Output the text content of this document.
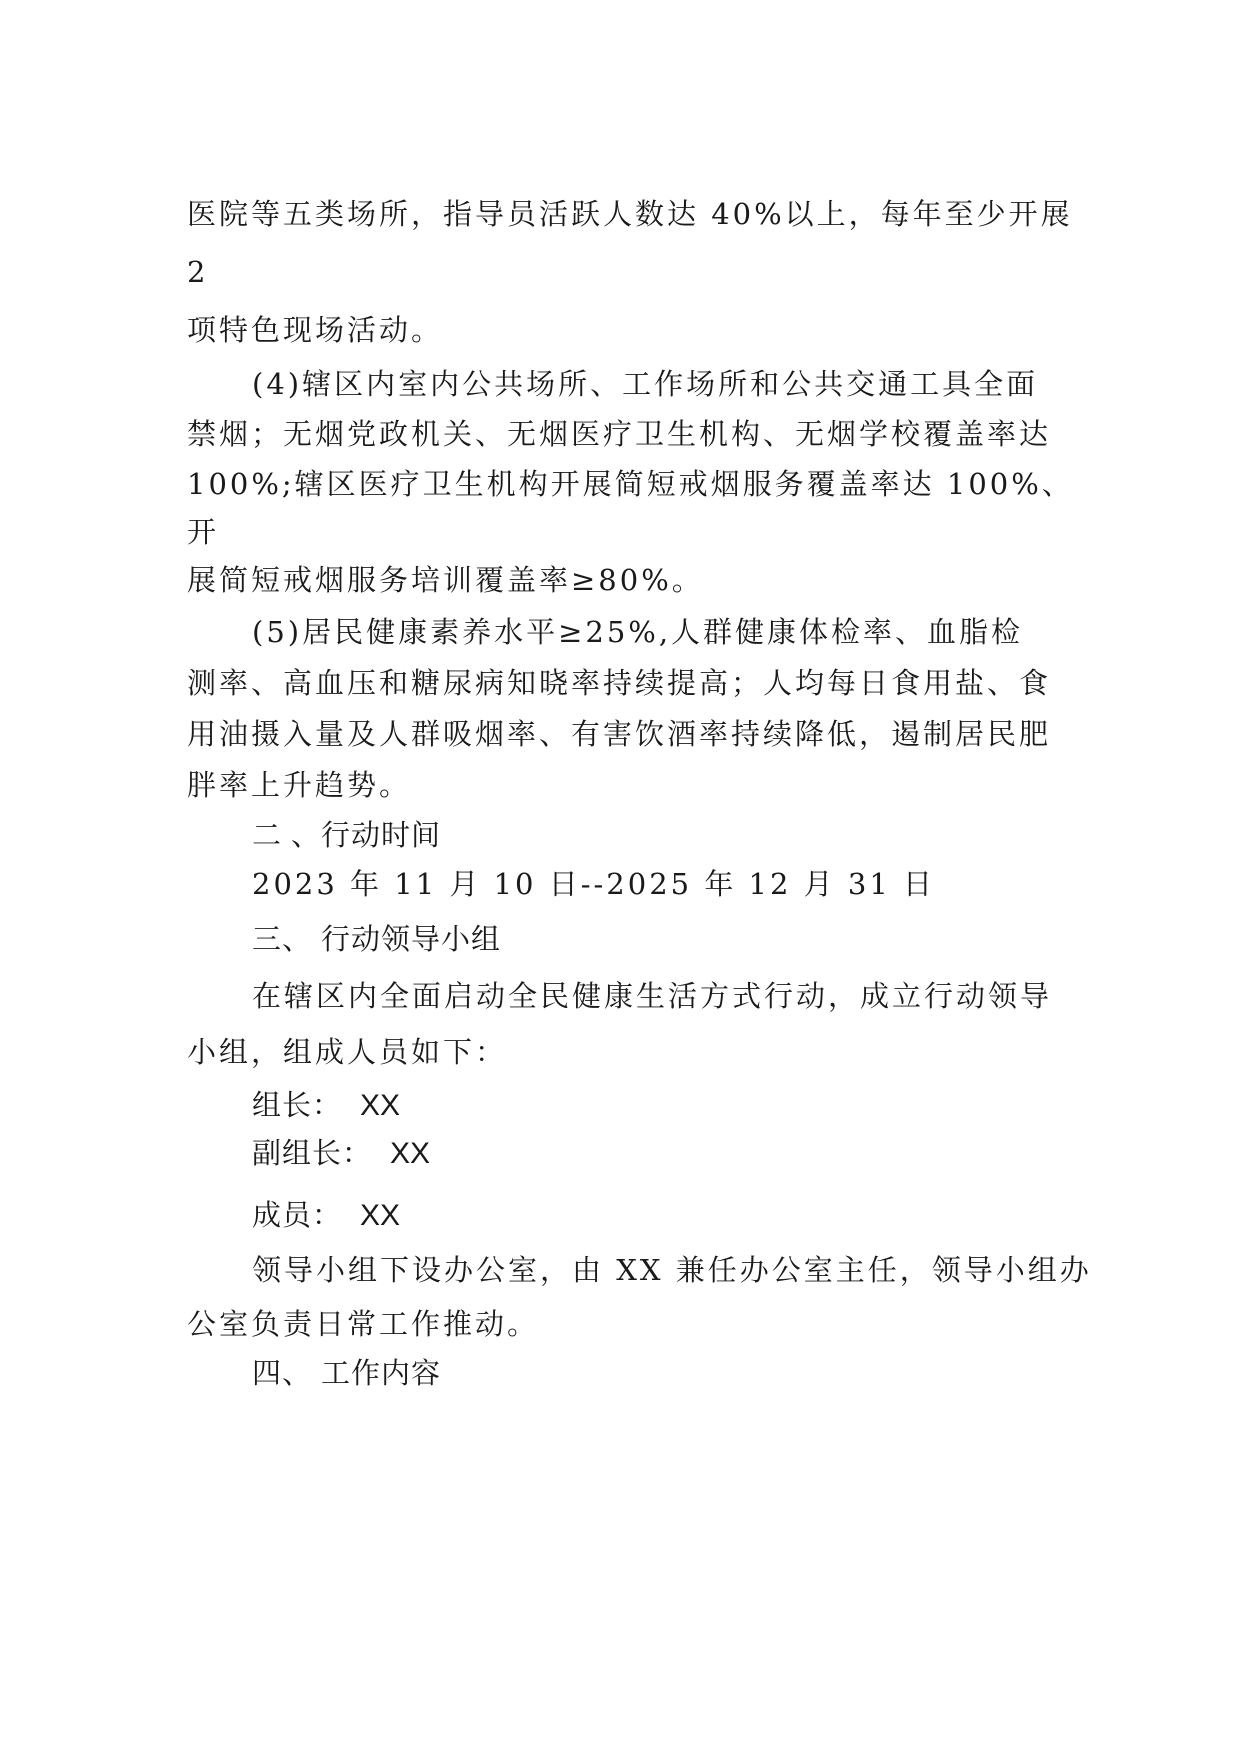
医院等五类场所，指导员活跃人数达 40%以上，每年至少开展
2
项特色现场活动。
(4)辖区内室内公共场所、工作场所和公共交通工具全面
禁烟；无烟党政机关、无烟医疗卫生机构、无烟学校覆盖率达
100%;辖区医疗卫生机构开展简短戒烟服务覆盖率达 100%、
开
展简短戒烟服务培训覆盖率≥80%。
(5)居民健康素养水平≥25%,人群健康体检率、血脂检
测率、高血压和糖尿病知晓率持续提高；人均每日食用盐、食
用油摄入量及人群吸烟率、有害饮酒率持续降低，遏制居民肥
胖率上升趋势。
二 、行动时间
2023 年 11 月 10 日--2025 年 12 月 31 日
三、 行动领导小组
在辖区内全面启动全民健康生活方式行动，成立行动领导
小组，组成人员如下：
组长： XX
副组长： XX
成员： XX
领导小组下设办公室，由 XX 兼任办公室主任，领导小组办
公室负责日常工作推动。
四、 工作内容
